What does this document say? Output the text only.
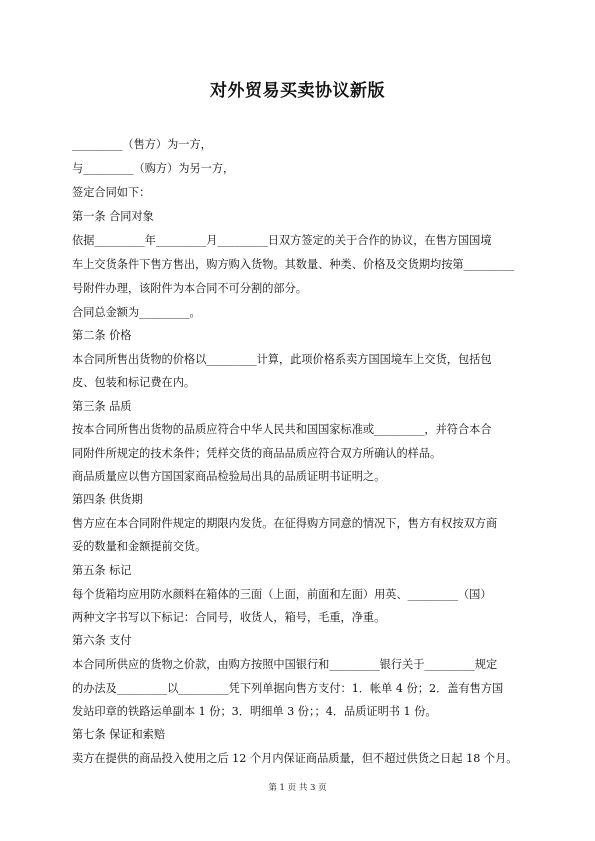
对外贸易买卖协议新版
_________（售方）为一方，
与_________（购方）为另一方，
签定合同如下：
第一条 合同对象
依据_________年_________月_________日双方签定的关于合作的协议，在售方国国境
车上交货条件下售方售出，购方购入货物。其数量、种类、价格及交货期均按第_________
号附件办理，该附件为本合同不可分割的部分。
合同总金额为_________。
第二条 价格
本合同所售出货物的价格以_________计算，此项价格系卖方国国境车上交货，包括包
皮、包装和标记费在内。
第三条 品质
按本合同所售出货物的品质应符合中华人民共和国国家标准或_________，并符合本合
同附件所规定的技术条件；凭样交货的商品品质应符合双方所确认的样品。
商品质量应以售方国国家商品检验局出具的品质证明书证明之。
第四条 供货期
售方应在本合同附件规定的期限内发货。在征得购方同意的情况下，售方有权按双方商
妥的数量和金额提前交货。
第五条 标记
每个货箱均应用防水颜料在箱体的三面（上面，前面和左面）用英、_________（国）
两种文字书写以下标记：合同号，收货人，箱号，毛重，净重。
第六条 支付
本合同所供应的货物之价款，由购方按照中国银行和_________银行关于_________规定
的办法及_________以_________凭下列单据向售方支付：1．帐单 4 份；2．盖有售方国
发站印章的铁路运单副本 1 份；3．明细单 3 份；；4．品质证明书 1 份。
第七条 保证和索赔
卖方在提供的商品投入使用之后 12 个月内保证商品质量，但不超过供货之日起 18 个月。
第 1 页 共 3 页
